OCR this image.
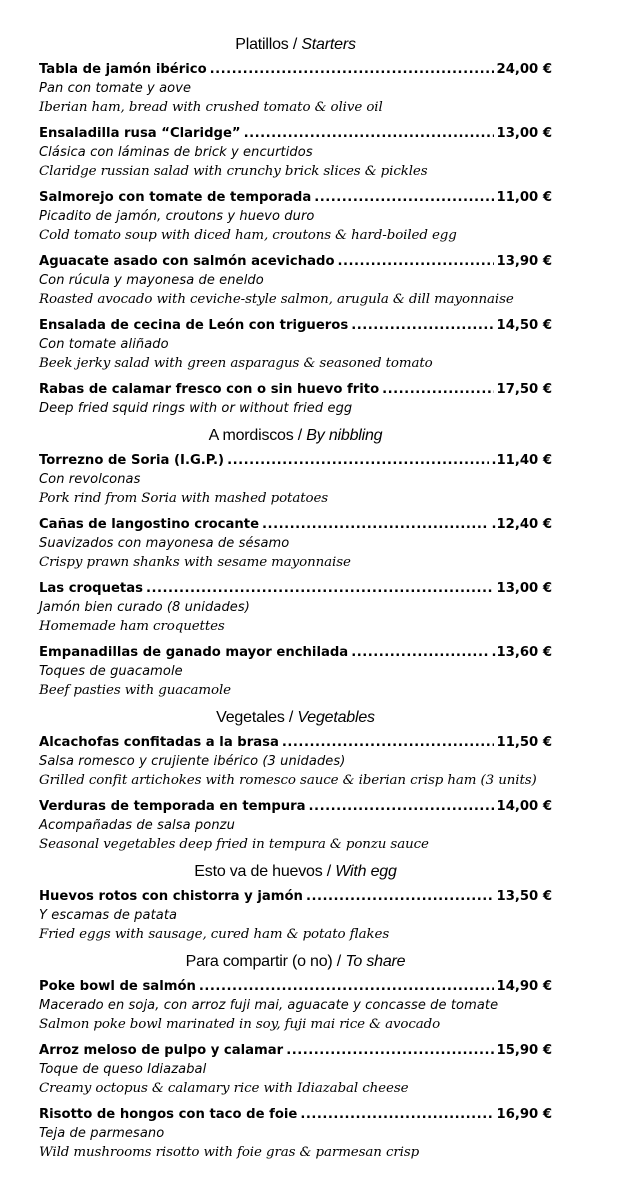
Platillos / Starters
Tabla de jamón ibérico .....	24,00 €
Pan con tomate y aove
Iberian ham, bread with crushed tomato & olive oil
Ensaladilla rusa “Claridge” .....	13,00 €
Clásica con láminas de brick y encurtidos
Claridge russian salad with crunchy brick slices & pickles
Salmorejo con tomate de temporada .....	11,00 €
Picadito de jamón, croutons y huevo duro
Cold tomato soup with diced ham, croutons & hard-boiled egg
Aguacate asado con salmón acevichado .....	13,90 €
Con rúcula y mayonesa de eneldo
Roasted avocado with ceviche-style salmon, arugula & dill mayonnaise
Ensalada de cecina de León con trigueros .....	14,50 €
Con tomate aliñado
Beek jerky salad with green asparagus & seasoned tomato
Rabas de calamar fresco con o sin huevo frito .....	17,50 €
Deep fried squid rings with or without fried egg
A mordiscos / By nibbling
Torrezno de Soria (I.G.P.) .....	.11,40 €
Con revolconas
Pork rind from Soria with mashed potatoes
Cañas de langostino crocante .....	.12,40 €
Suavizados con mayonesa de sésamo
Crispy prawn shanks with sesame mayonnaise
Las croquetas .....	13,00 €
Jamón bien curado (8 unidades)
Homemade ham croquettes
Empanadillas de ganado mayor enchilada .....	.13,60 €
Toques de guacamole
Beef pasties with guacamole
Vegetales / Vegetables
Alcachofas confitadas a la brasa .....	11,50 €
Salsa romesco y crujiente ibérico (3 unidades)
Grilled confit artichokes with romesco sauce & iberian crisp ham (3 units)
Verduras de temporada en tempura .....	14,00 €
Acompañadas de salsa ponzu
Seasonal vegetables deep fried in tempura & ponzu sauce
Esto va de huevos / With egg
Huevos rotos con chistorra y jamón .....	13,50 €
Y escamas de patata
Fried eggs with sausage, cured ham & potato flakes
Para compartir (o no) / To share
Poke bowl de salmón .....	14,90 €
Macerado en soja, con arroz fuji mai, aguacate y concasse de tomate
Salmon poke bowl marinated in soy, fuji mai rice & avocado
Arroz meloso de pulpo y calamar .....	15,90 €
Toque de queso Idiazabal
Creamy octopus & calamary rice with Idiazabal cheese
Risotto de hongos con taco de foie .....	16,90 €
Teja de parmesano
Wild mushrooms risotto with foie gras & parmesan crisp
